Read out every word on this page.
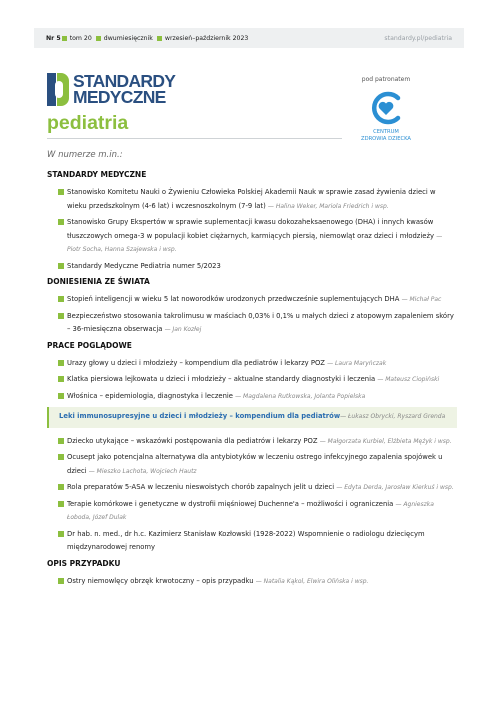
Nr 5 tom 20 dwumiesięcznik wrzesień–październik 2023	standardy.pl/pediatria
STANDARDY
MEDYCZNE
pediatria
pod patronatem
CENTRUM
ZDROWIA DZIECKA
W numerze m.in.:
STANDARDY MEDYCZNE
Stanowisko Komitetu Nauki o Żywieniu Człowieka Polskiej Akademii Nauk w sprawie zasad żywienia dzieci w wieku przedszkolnym (4-6 lat) i wczesnoszkolnym (7-9 lat) — Halina Weker, Mariola Friedrich i wsp.
Stanowisko Grupy Ekspertów w sprawie suplementacji kwasu dokozaheksaenowego (DHA) i innych kwasów tłuszczowych omega-3 w populacji kobiet ciężarnych, karmiących piersią, niemowląt oraz dzieci i młodzieży — Piotr Socha, Hanna Szajewska i wsp.
Standardy Medyczne Pediatria numer 5/2023
DONIESIENIA ZE ŚWIATA
Stopień inteligencji w wieku 5 lat noworodków urodzonych przedwcześnie suplementujących DHA — Michał Pac
Bezpieczeństwo stosowania takrolimusu w maściach 0,03% i 0,1% u małych dzieci z atopowym zapaleniem skóry – 36-miesięczna obserwacja — Jan Kozłej
PRACE POGLĄDOWE
Urazy głowy u dzieci i młodzieży – kompendium dla pediatrów i lekarzy POZ — Laura Maryńczak
Klatka piersiowa lejkowata u dzieci i młodzieży – aktualne standardy diagnostyki i leczenia — Mateusz Ciopiński
Włośnica – epidemiologia, diagnostyka i leczenie — Magdalena Rutkowska, Jolanta Popielska
Leki immunosupresyjne u dzieci i młodzieży – kompendium dla pediatrów— Łukasz Obrycki, Ryszard Grenda
Dziecko utykające – wskazówki postępowania dla pediatrów i lekarzy POZ — Małgorzata Kurbiel, Elżbieta Mężyk i wsp.
Ocusept jako potencjalna alternatywa dla antybiotyków w leczeniu ostrego infekcyjnego zapalenia spojówek u dzieci — Mieszko Lachota, Wojciech Hautz
Rola preparatów 5-ASA w leczeniu nieswoistych chorób zapalnych jelit u dzieci — Edyta Derda, Jarosław Kierkuś i wsp.
Terapie komórkowe i genetyczne w dystrofii mięśniowej Duchenne'a – możliwości i ograniczenia — Agnieszka Łoboda, Józef Dulak
Dr hab. n. med., dr h.c. Kazimierz Stanisław Kozłowski (1928-2022) Wspomnienie o radiologu dziecięcym międzynarodowej renomy
OPIS PRZYPADKU
Ostry niemowlęcy obrzęk krwotoczny – opis przypadku — Natalia Kąkol, Elwira Olińska i wsp.
